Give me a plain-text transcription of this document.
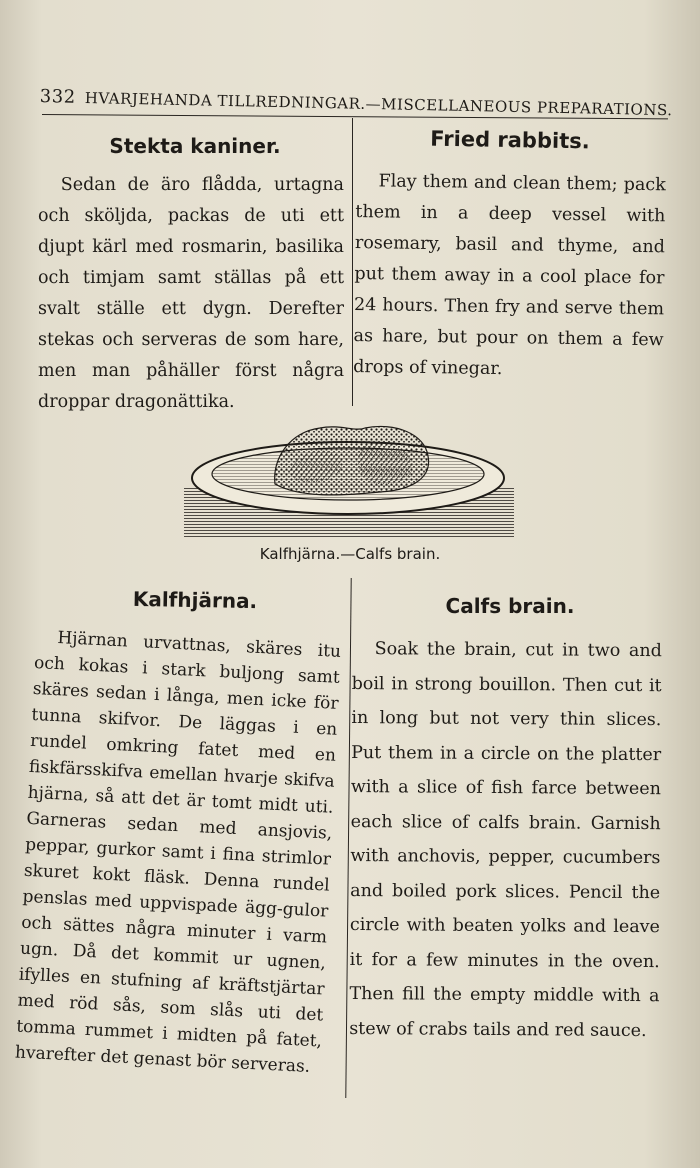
332 HVARJEHANDA TILLREDNINGAR.—MISCELLANEOUS PREPARATIONS.
Stekta kaniner.

Sedan de äro flådda, urtagna och sköljda, packas de uti ett djupt kärl med rosmarin, basilika och timjam samt ställas på ett svalt ställe ett dygn. Derefter stekas och serveras de som hare, men man påhäller först några droppar dragonättika.

Fried rabbits.

Flay them and clean them; pack them in a deep vessel with rosemary, basil and thyme, and put them away in a cool place for 24 hours. Then fry and serve them as hare, but pour on them a few drops of vinegar.

Kalfhjärna.—Calfs brain.
Kalfhjärna.

Hjärnan urvattnas, skäres itu och kokas i stark buljong samt skäres sedan i långa, men icke för tunna skifvor. De läggas i en rundel omkring fatet med en fiskfärsskifva emellan hvarje skifva hjärna, så att det är tomt midt uti. Garneras sedan med ansjovis, peppar, gurkor samt i fina strimlor skuret kokt fläsk. Denna rundel penslas med uppvispade ägg-gulor och sättes några minuter i varm ugn. Då det kommit ur ugnen, ifylles en stufning af kräftstjärtar med röd sås, som slås uti det tomma rummet i midten på fatet, hvarefter det genast bör serveras.

Calfs brain.

Soak the brain, cut in two and boil in strong bouillon. Then cut it in long but not very thin slices. Put them in a circle on the platter with a slice of fish farce between each slice of calfs brain. Garnish with anchovis, pepper, cucumbers and boiled pork slices. Pencil the circle with beaten yolks and leave it for a few minutes in the oven. Then fill the empty middle with a stew of crabs tails and red sauce.
